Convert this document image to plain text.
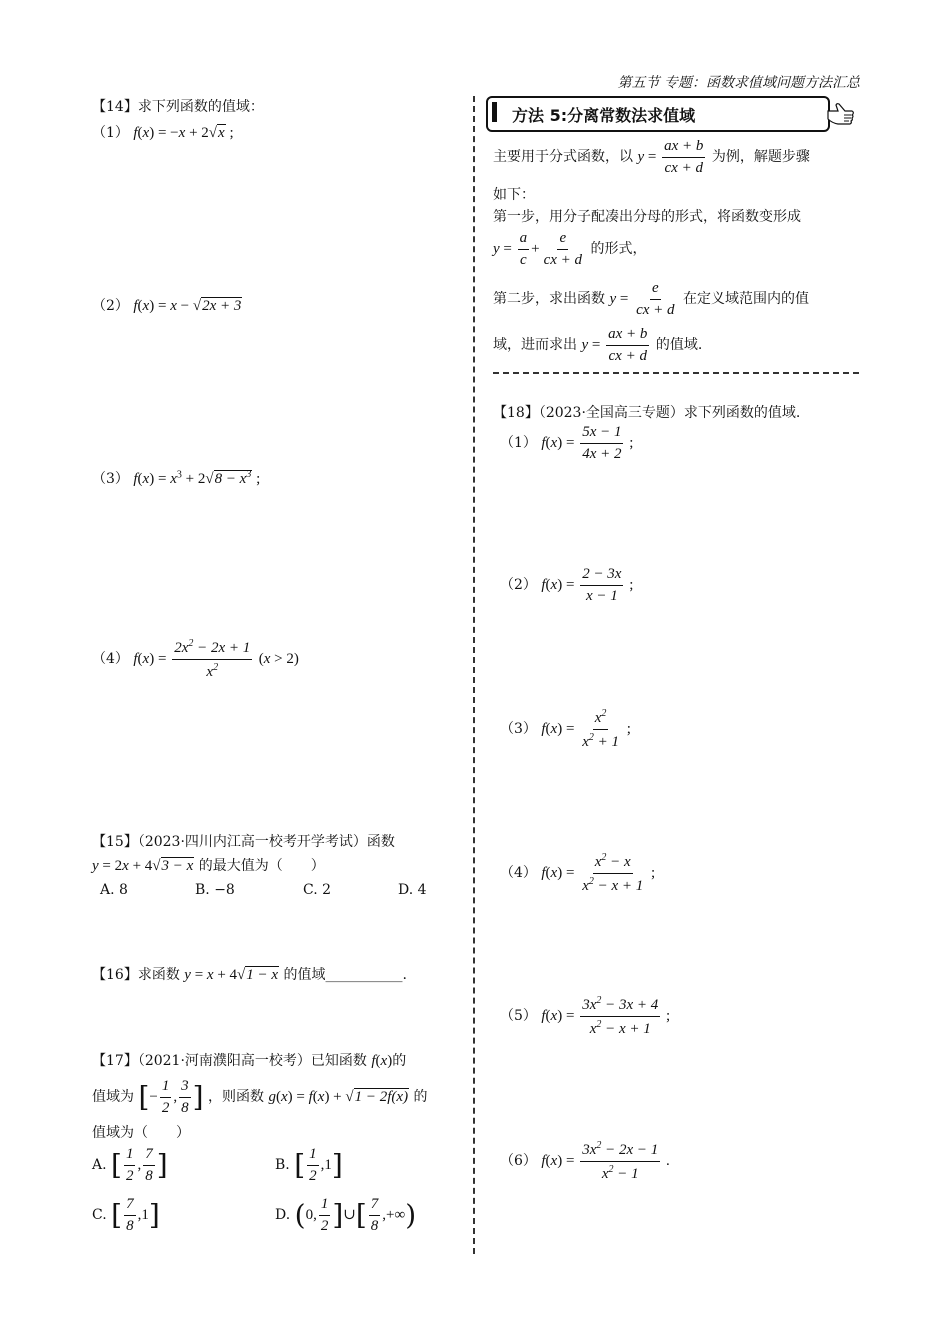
第五节 专题：函数求值域问题方法汇总
【14】求下列函数的值域：
（1） f(x) = −x + 2√x ;
（2） f(x) = x − √2x + 3
（3） $f(x) = x^3 + 2√8 - x^3$ ;
（4） $f(x) = \frac{2x^2 - 2x + 1}{x^2} (x > 2)$
【15】（2023·四川内江高一校考开学考试）函数
y = 2x + 4√3 − x 的最大值为（　　）
A. 8	B. −8	C. 2	D. 4
【16】求函数 y = x + 4√1 − x 的值域___________.
【17】（2021·河南濮阳高一校考）已知函数 f(x)的
值域为 [− $\frac{1}{2}$ , $\frac{3}{8}$ ] ，则函数 g(x) = f(x) + √1 − 2f(x) 的
值域为（　　）
A. [ $\frac{1}{2}$ , $\frac{7}{8}$ ]	B. [ $\frac{1}{2} ,1$]
C. [ $\frac{7}{8} ,1$]	D. (0, $\frac{1}{2}$ ]∪[ $\frac{7}{8}$ ,+∞)
方法 5:分离常数法求值域
主要用于分式函数，以 $y = \frac{ax + b}{cx + d}$ 为例，解题步骤
如下：
第一步，用分子配凑出分母的形式，将函数变形成
$y = \frac{a}{c} + \frac{e}{cx + d}$ 的形式，
第二步，求出函数 $y = \frac{e}{cx + d}$ 在定义域范围内的值
域，进而求出 $y = \frac{ax + b}{cx + d}$ 的值域.
【18】（2023·全国高三专题）求下列函数的值域.
（1） $f(x) = \frac{5x - 1}{4x + 2}$ ;
（2） $f(x) = \frac{2 - 3x}{x - 1}$ ;
（3） $f(x) = \frac{x^2}{x^2 + 1}$ ;
（4） $f(x) = \frac{x^2 - x}{x^2 - x + 1}$ ;
（5） $f(x) = \frac{3x^2 - 3x + 4}{x^2 - x + 1}$ ;
（6） $f(x) = \frac{3x^2 - 2x - 1}{x^2 - 1}$ .
